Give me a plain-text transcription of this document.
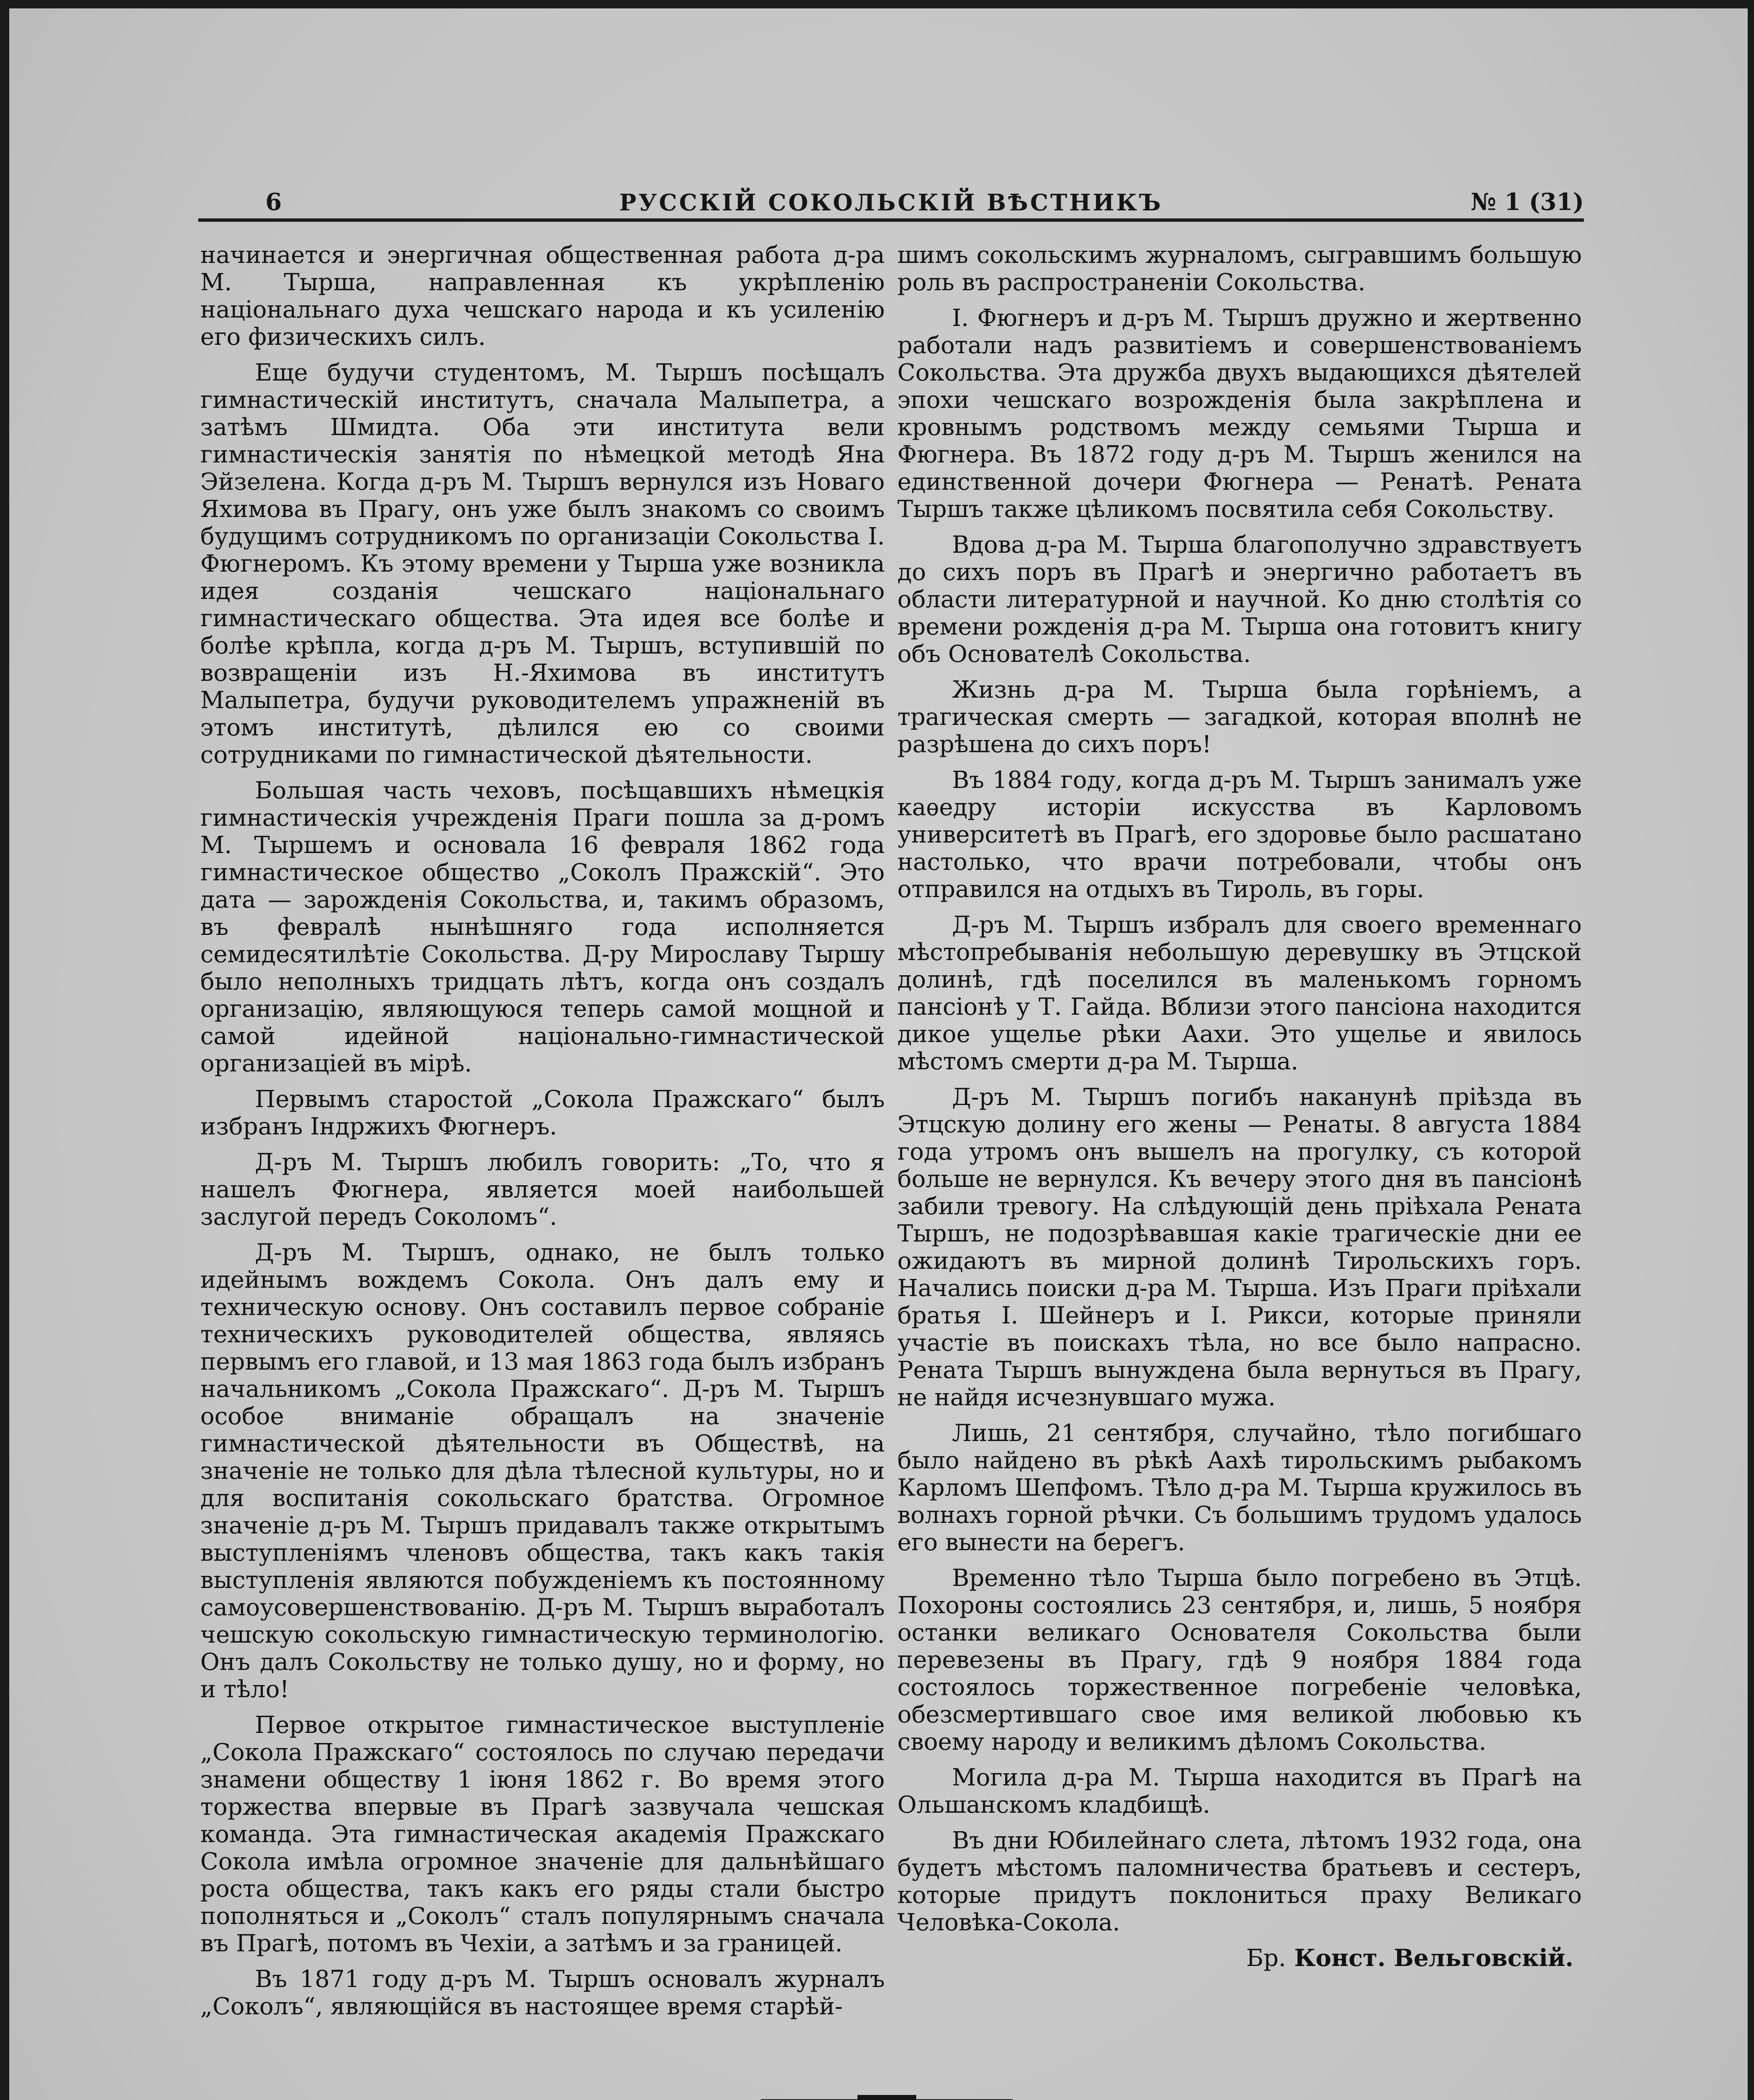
6	РУССКІЙ СОКОЛЬСКІЙ ВѢСТНИКЪ	№ 1 (31)

начинается и энергичная общественная работа д-ра М. Тырша, направленная къ укрѣпленію національнаго духа чешскаго народа и къ усиленію его физическихъ силъ.

Еще будучи студентомъ, М. Тыршъ посѣщалъ гимнастическій институтъ, сначала Малыпетра, а затѣмъ Шмидта. Оба эти института вели гимнастическія занятія по нѣмецкой методѣ Яна Эйзелена. Когда д-ръ М. Тыршъ вернулся изъ Новаго Яхимова въ Прагу, онъ уже былъ знакомъ со своимъ будущимъ сотрудникомъ по организаціи Сокольства І. Фюгнеромъ. Къ этому времени у Тырша уже возникла идея созданія чешскаго національнаго гимнастическаго общества. Эта идея все болѣе и болѣе крѣпла, когда д-ръ М. Тыршъ, вступившій по возвращеніи изъ Н.-Яхимова въ институтъ Малыпетра, будучи руководителемъ упражненій въ этомъ институтѣ, дѣлился ею со своими сотрудниками по гимнастической дѣятельности.

Большая часть чеховъ, посѣщавшихъ нѣмецкія гимнастическія учрежденія Праги пошла за д-ромъ М. Тыршемъ и основала 16 февраля 1862 года гимнастическое общество „Соколъ Пражскій“. Это дата — зарожденія Сокольства, и, такимъ образомъ, въ февралѣ нынѣшняго года исполняется семидесятилѣтіе Сокольства. Д-ру Мирославу Тыршу было неполныхъ тридцать лѣтъ, когда онъ создалъ организацію, являющуюся теперь самой мощной и самой идейной національно-гимнастической организаціей въ мірѣ.

Первымъ старостой „Сокола Пражскаго“ былъ избранъ Індржихъ Фюгнеръ.

Д-ръ М. Тыршъ любилъ говорить: „То, что я нашелъ Фюгнера, является моей наибольшей заслугой передъ Соколомъ“.

Д-ръ М. Тыршъ, однако, не былъ только идейнымъ вождемъ Сокола. Онъ далъ ему и техническую основу. Онъ составилъ первое собраніе техническихъ руководителей общества, являясь первымъ его главой, и 13 мая 1863 года былъ избранъ начальникомъ „Сокола Пражскаго“. Д-ръ М. Тыршъ особое вниманіе обращалъ на значеніе гимнастической дѣятельности въ Обществѣ, на значеніе не только для дѣла тѣлесной культуры, но и для воспитанія сокольскаго братства. Огромное значеніе д-ръ М. Тыршъ придавалъ также открытымъ выступленіямъ членовъ общества, такъ какъ такія выступленія являются побужденіемъ къ постоянному самоусовершенствованію. Д-ръ М. Тыршъ выработалъ чешскую сокольскую гимнастическую терминологію. Онъ далъ Сокольству не только душу, но и форму, но и тѣло!

Первое открытое гимнастическое выступленіе „Сокола Пражскаго“ состоялось по случаю передачи знамени обществу 1 іюня 1862 г. Во время этого торжества впервые въ Прагѣ зазвучала чешская команда. Эта гимнастическая академія Пражскаго Сокола имѣла огромное значеніе для дальнѣйшаго роста общества, такъ какъ его ряды стали быстро пополняться и „Соколъ“ сталъ популярнымъ сначала въ Прагѣ, потомъ въ Чехіи, а затѣмъ и за границей.

Въ 1871 году д-ръ М. Тыршъ основалъ журналъ „Соколъ“, являющійся въ настоящее время старѣй-

шимъ сокольскимъ журналомъ, сыгравшимъ большую роль въ распространеніи Сокольства.

І. Фюгнеръ и д-ръ М. Тыршъ дружно и жертвенно работали надъ развитіемъ и совершенствованіемъ Сокольства. Эта дружба двухъ выдающихся дѣятелей эпохи чешскаго возрожденія была закрѣплена и кровнымъ родствомъ между семьями Тырша и Фюгнера. Въ 1872 году д-ръ М. Тыршъ женился на единственной дочери Фюгнера — Ренатѣ. Рената Тыршъ также цѣликомъ посвятила себя Сокольству.

Вдова д-ра М. Тырша благополучно здравствуетъ до сихъ поръ въ Прагѣ и энергично работаетъ въ области литературной и научной. Ко дню столѣтія со времени рожденія д-ра М. Тырша она готовитъ книгу объ Основателѣ Сокольства.

Жизнь д-ра М. Тырша была горѣніемъ, а трагическая смерть — загадкой, которая вполнѣ не разрѣшена до сихъ поръ!

Въ 1884 году, когда д-ръ М. Тыршъ занималъ уже каѳедру исторіи искусства въ Карловомъ университетѣ въ Прагѣ, его здоровье было расшатано настолько, что врачи потребовали, чтобы онъ отправился на отдыхъ въ Тироль, въ горы.

Д-ръ М. Тыршъ избралъ для своего временнаго мѣстопребыванія небольшую деревушку въ Этцской долинѣ, гдѣ поселился въ маленькомъ горномъ пансіонѣ у Т. Гайда. Вблизи этого пансіона находится дикое ущелье рѣки Аахи. Это ущелье и явилось мѣстомъ смерти д-ра М. Тырша.

Д-ръ М. Тыршъ погибъ наканунѣ пріѣзда въ Этцскую долину его жены — Ренаты. 8 августа 1884 года утромъ онъ вышелъ на прогулку, съ которой больше не вернулся. Къ вечеру этого дня въ пансіонѣ забили тревогу. На слѣдующій день пріѣхала Рената Тыршъ, не подозрѣвавшая какіе трагическіе дни ее ожидаютъ въ мирной долинѣ Тирольскихъ горъ. Начались поиски д-ра М. Тырша. Изъ Праги пріѣхали братья І. Шейнеръ и І. Рикси, которые приняли участіе въ поискахъ тѣла, но все было напрасно. Рената Тыршъ вынуждена была вернуться въ Прагу, не найдя исчезнувшаго мужа.

Лишь, 21 сентября, случайно, тѣло погибшаго было найдено въ рѣкѣ Аахѣ тирольскимъ рыбакомъ Карломъ Шепфомъ. Тѣло д-ра М. Тырша кружилось въ волнахъ горной рѣчки. Съ большимъ трудомъ удалось его вынести на берегъ.

Временно тѣло Тырша было погребено въ Этцѣ. Похороны состоялись 23 сентября, и, лишь, 5 ноября останки великаго Основателя Сокольства были перевезены въ Прагу, гдѣ 9 ноября 1884 года состоялось торжественное погребеніе человѣка, обезсмертившаго свое имя великой любовью къ своему народу и великимъ дѣломъ Сокольства.

Могила д-ра М. Тырша находится въ Прагѣ на Ольшанскомъ кладбищѣ.

Въ дни Юбилейнаго слета, лѣтомъ 1932 года, она будетъ мѣстомъ паломничества братьевъ и сестеръ, которые придутъ поклониться праху Великаго Человѣка-Сокола.

Бр. Конст. Вельговскій.
